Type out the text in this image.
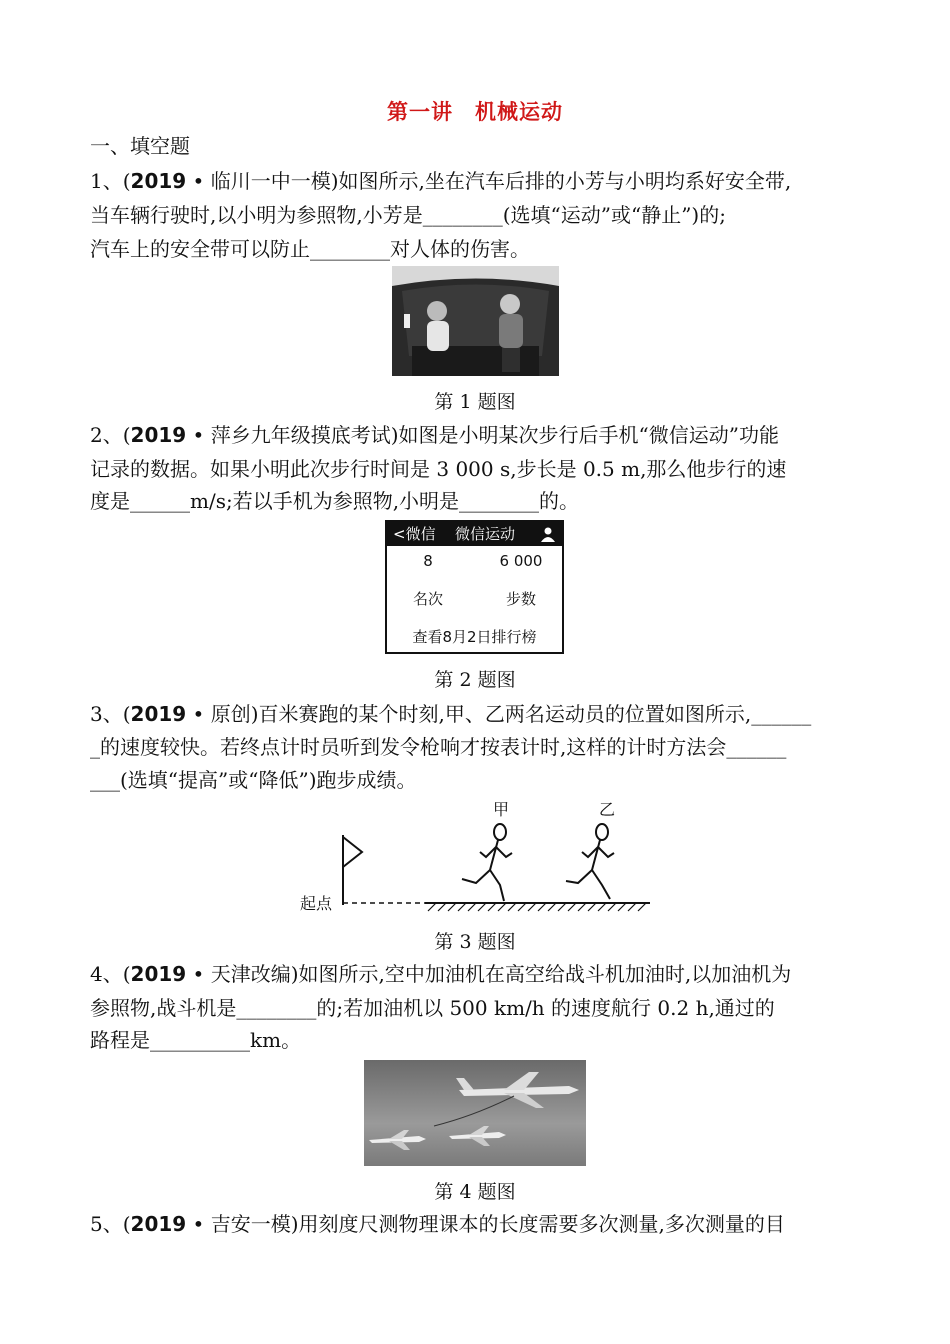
第一讲　机械运动
一、填空题
1、(2019 • 临川一中一模)如图所示,坐在汽车后排的小芳与小明均系好安全带,
当车辆行驶时,以小明为参照物,小芳是________(选填“运动”或“静止”)的;
汽车上的安全带可以防止________对人体的伤害。
第 1 题图
2、(2019 • 萍乡九年级摸底考试)如图是小明某次步行后手机“微信运动”功能
记录的数据。如果小明此次步行时间是 3 000 s,步长是 0.5 m,那么他步行的速
度是______m/s;若以手机为参照物,小明是________的。
<微信 微信运动
8	6 000
名次	步数
查看8月2日排行榜
第 2 题图
3、(2019 • 原创)百米赛跑的某个时刻,甲、乙两名运动员的位置如图所示,______
_的速度较快。若终点计时员听到发令枪响才按表计时,这样的计时方法会______
___(选填“提高”或“降低”)跑步成绩。
甲	乙
起点
第 3 题图
4、(2019 • 天津改编)如图所示,空中加油机在高空给战斗机加油时,以加油机为
参照物,战斗机是________的;若加油机以 500 km/h 的速度航行 0.2 h,通过的
路程是__________km。
第 4 题图
5、(2019 • 吉安一模)用刻度尺测物理课本的长度需要多次测量,多次测量的目
